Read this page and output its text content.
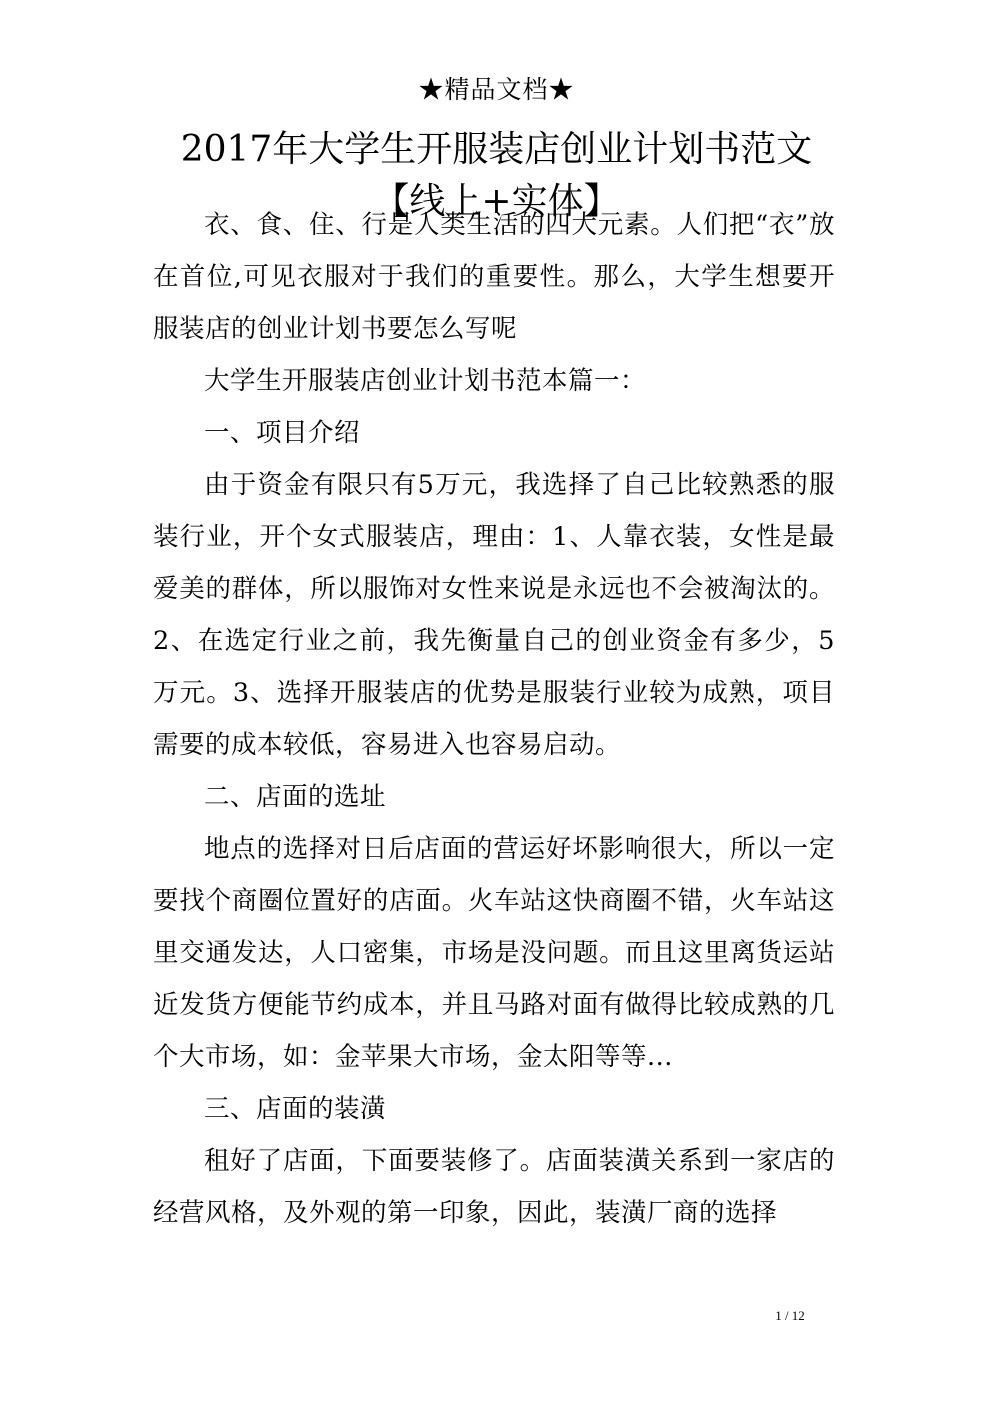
★精品文档★
2017年大学生开服装店创业计划书范文
【线上+实体】

衣、食、住、行是人类生活的四大元素。人们把“衣”放在首位,可见衣服对于我们的重要性。那么，大学生想要开服装店的创业计划书要怎么写呢

大学生开服装店创业计划书范本篇一：

一、项目介绍

由于资金有限只有5万元，我选择了自己比较熟悉的服装行业，开个女式服装店，理由：1、人靠衣装，女性是最爱美的群体，所以服饰对女性来说是永远也不会被淘汰的。2、在选定行业之前，我先衡量自己的创业资金有多少，5万元。3、选择开服装店的优势是服装行业较为成熟，项目需要的成本较低，容易进入也容易启动。

二、店面的选址

地点的选择对日后店面的营运好坏影响很大，所以一定要找个商圈位置好的店面。火车站这快商圈不错，火车站这里交通发达，人口密集，市场是没问题。而且这里离货运站近发货方便能节约成本，并且马路对面有做得比较成熟的几个大市场，如：金苹果大市场，金太阳等等...

三、店面的装潢

租好了店面，下面要装修了。店面装潢关系到一家店的经营风格，及外观的第一印象，因此，装潢厂商的选择

1 / 12
